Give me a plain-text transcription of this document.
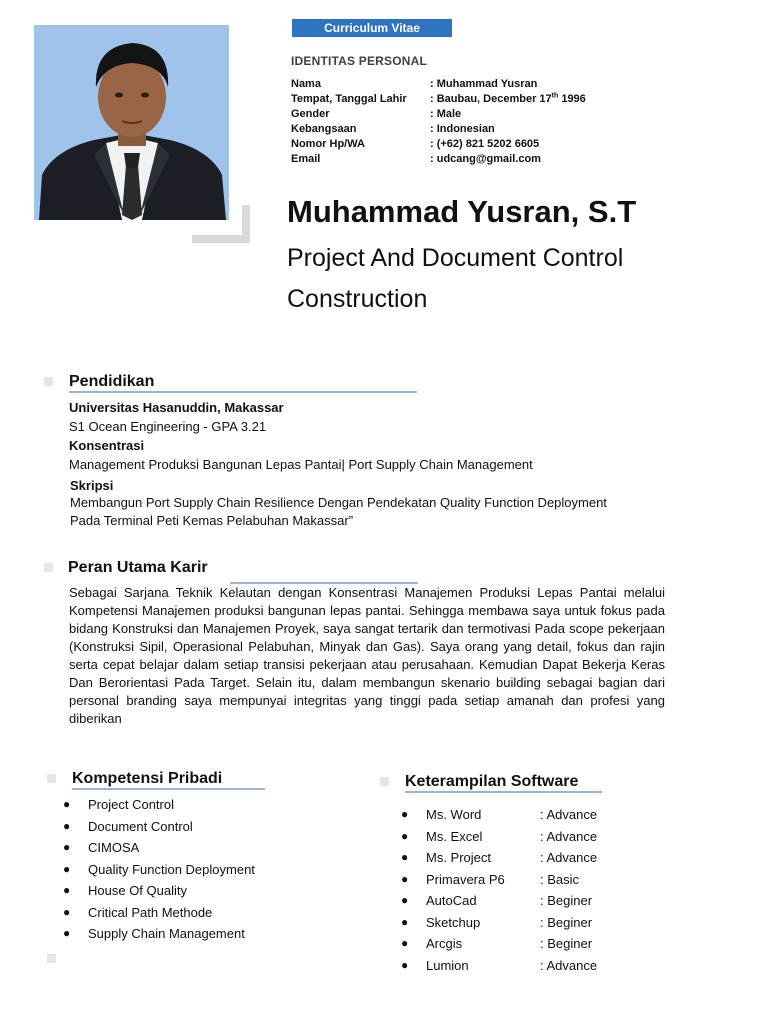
Curriculum Vitae
IDENTITAS PERSONAL
Nama	: Muhammad Yusran
Tempat, Tanggal Lahir : Baubau, December 17th 1996
Gender	: Male
Kebangsaan	: Indonesian
Nomor Hp/WA	: (+62) 821 5202 6605
Email	: udcang@gmail.com
Muhammad Yusran, S.T
Project And Document Control
Construction
Pendidikan
Universitas Hasanuddin, Makassar
S1 Ocean Engineering - GPA 3.21
Konsentrasi
Management Produksi Bangunan Lepas Pantai| Port Supply Chain Management
Skripsi
Membangun Port Supply Chain Resilience Dengan Pendekatan Quality Function Deployment
Pada Terminal Peti Kemas Pelabuhan Makassar”
Peran Utama Karir
Sebagai Sarjana Teknik Kelautan dengan Konsentrasi Manajemen Produksi Lepas Pantai melalui Kompetensi Manajemen produksi bangunan lepas pantai. Sehingga membawa saya untuk fokus pada bidang Konstruksi dan Manajemen Proyek, saya sangat tertarik dan termotivasi Pada scope pekerjaan (Konstruksi Sipil, Operasional Pelabuhan, Minyak dan Gas). Saya orang yang detail, fokus dan rajin serta cepat belajar dalam setiap transisi pekerjaan atau perusahaan. Kemudian Dapat Bekerja Keras Dan Berorientasi Pada Target. Selain itu, dalam membangun skenario building sebagai bagian dari personal branding saya mempunyai integritas yang tinggi pada setiap amanah dan profesi yang diberikan
Kompetensi Pribadi
● Project Control
● Document Control
● CIMOSA
● Quality Function Deployment
● House Of Quality
● Critical Path Methode
● Supply Chain Management
Keterampilan Software
● Ms. Word	: Advance
● Ms. Excel	: Advance
● Ms. Project	: Advance
● Primavera P6	: Basic
● AutoCad	: Beginer
● Sketchup	: Beginer
● Arcgis	: Beginer
● Lumion	: Advance
